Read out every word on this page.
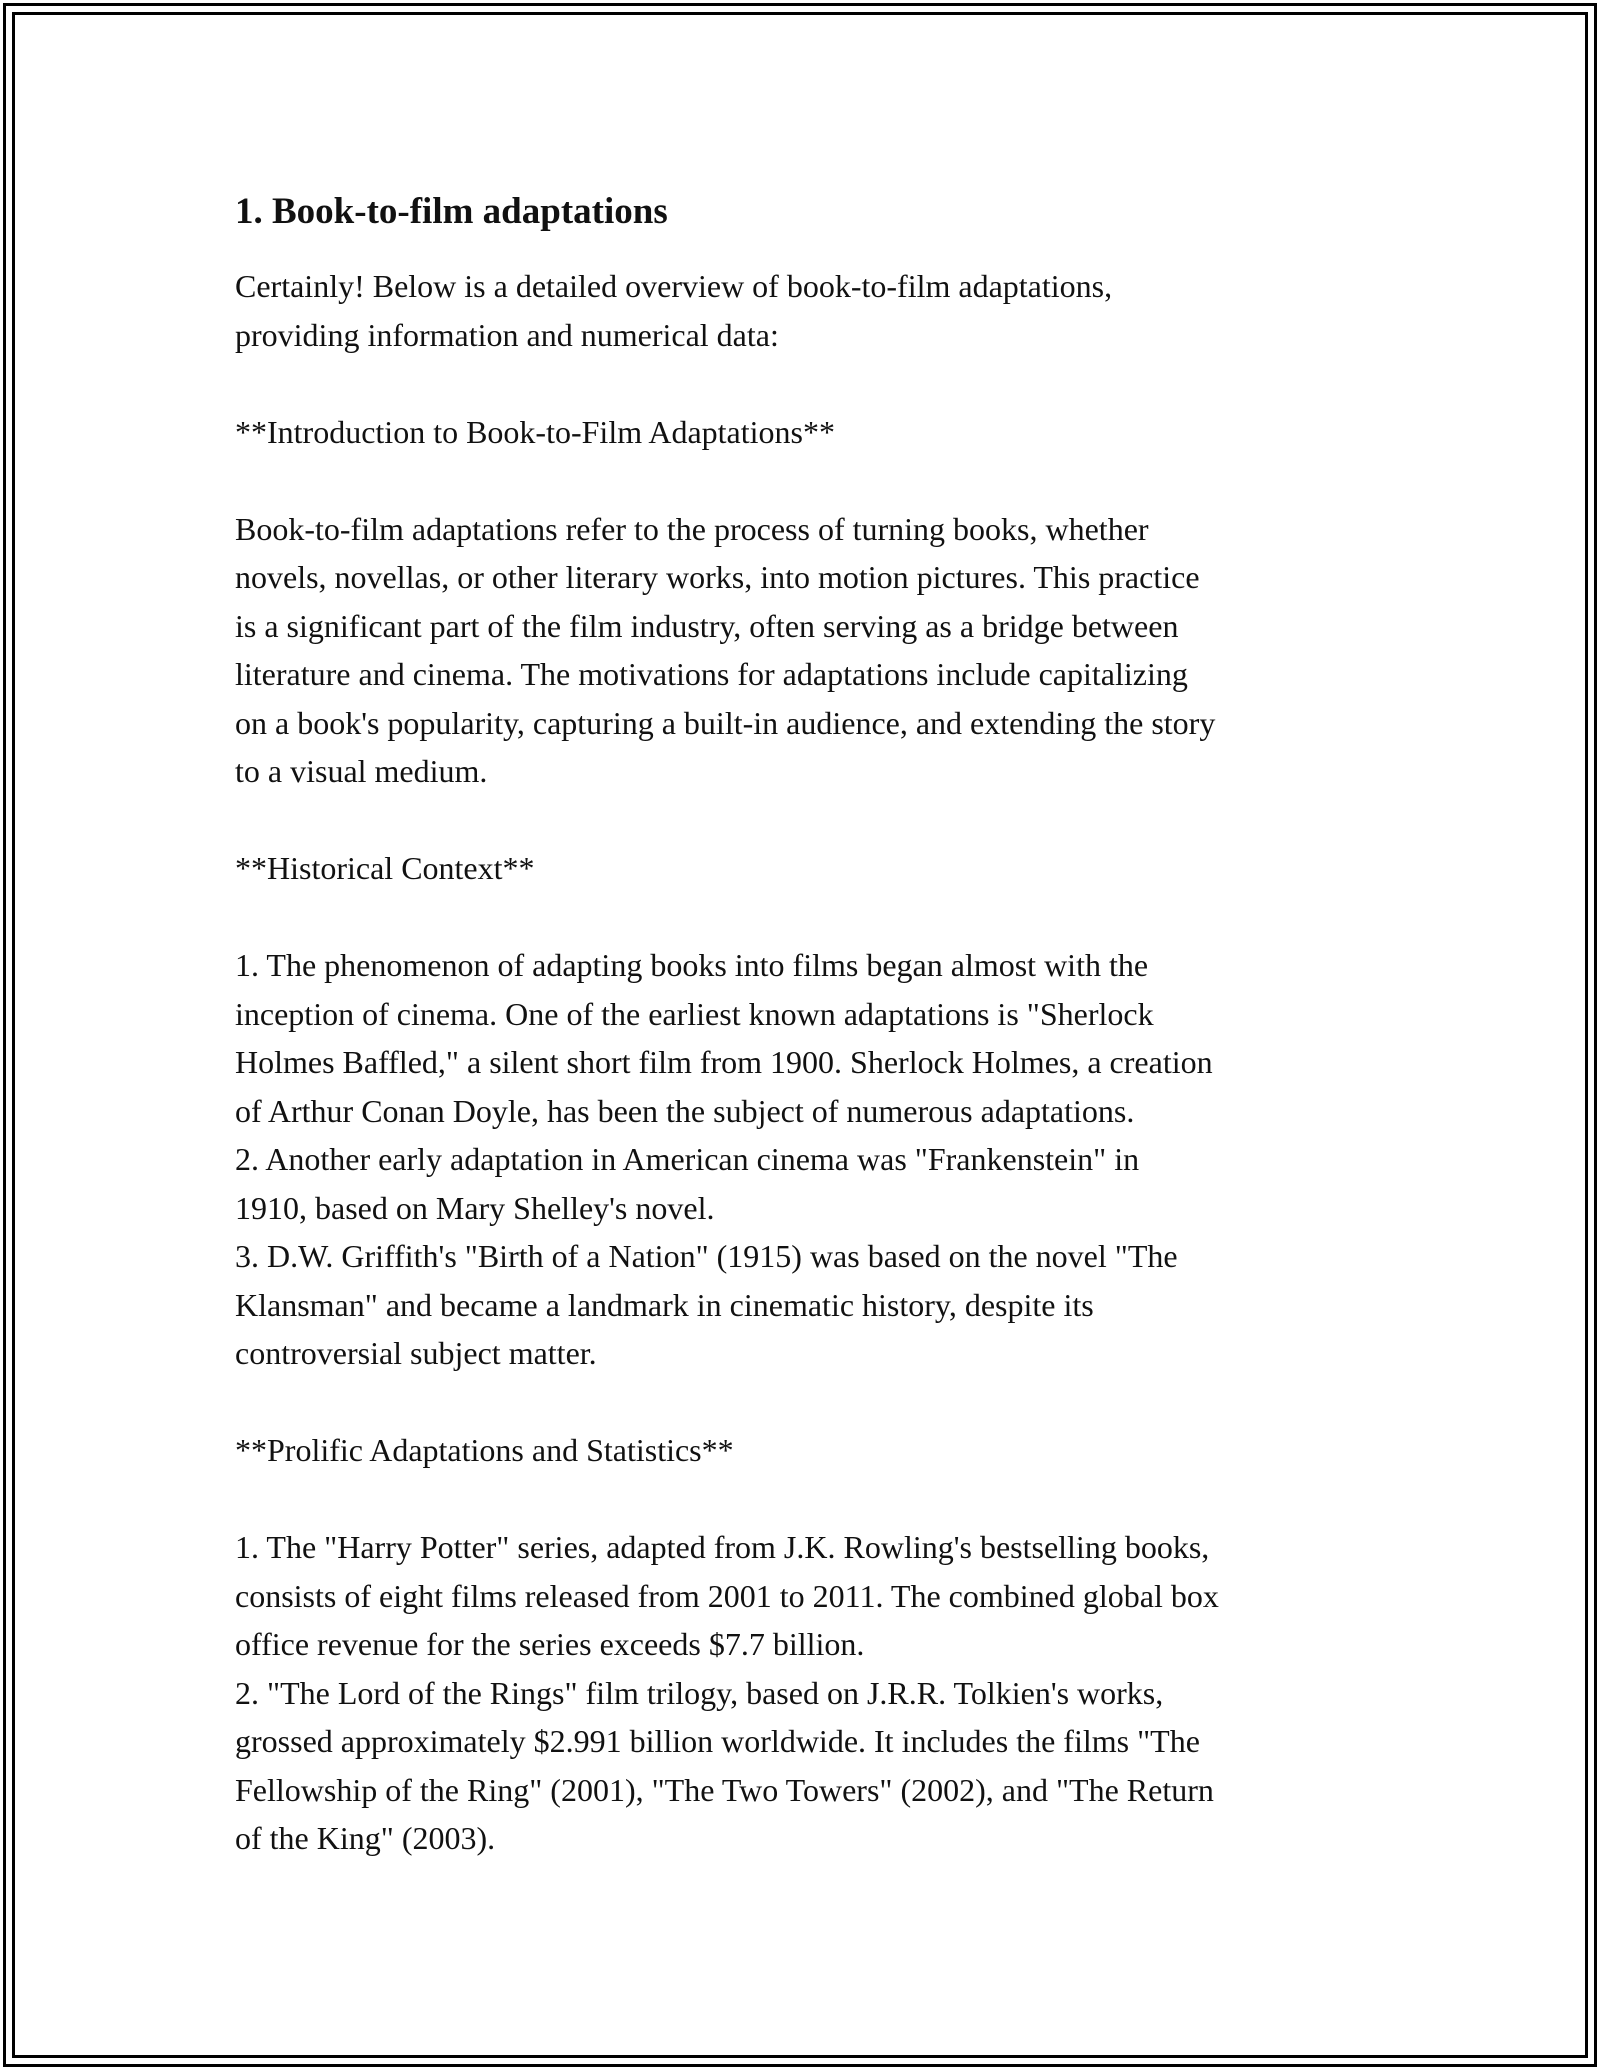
1. Book-to-film adaptations

Certainly! Below is a detailed overview of book-to-film adaptations,
providing information and numerical data:

**Introduction to Book-to-Film Adaptations**

Book-to-film adaptations refer to the process of turning books, whether
novels, novellas, or other literary works, into motion pictures. This practice
is a significant part of the film industry, often serving as a bridge between
literature and cinema. The motivations for adaptations include capitalizing
on a book's popularity, capturing a built-in audience, and extending the story
to a visual medium.

**Historical Context**

1. The phenomenon of adapting books into films began almost with the
inception of cinema. One of the earliest known adaptations is "Sherlock
Holmes Baffled," a silent short film from 1900. Sherlock Holmes, a creation
of Arthur Conan Doyle, has been the subject of numerous adaptations.
2. Another early adaptation in American cinema was "Frankenstein" in
1910, based on Mary Shelley's novel.
3. D.W. Griffith's "Birth of a Nation" (1915) was based on the novel "The
Klansman" and became a landmark in cinematic history, despite its
controversial subject matter.

**Prolific Adaptations and Statistics**

1. The "Harry Potter" series, adapted from J.K. Rowling's bestselling books,
consists of eight films released from 2001 to 2011. The combined global box
office revenue for the series exceeds $7.7 billion.
2. "The Lord of the Rings" film trilogy, based on J.R.R. Tolkien's works,
grossed approximately $2.991 billion worldwide. It includes the films "The
Fellowship of the Ring" (2001), "The Two Towers" (2002), and "The Return
of the King" (2003).
